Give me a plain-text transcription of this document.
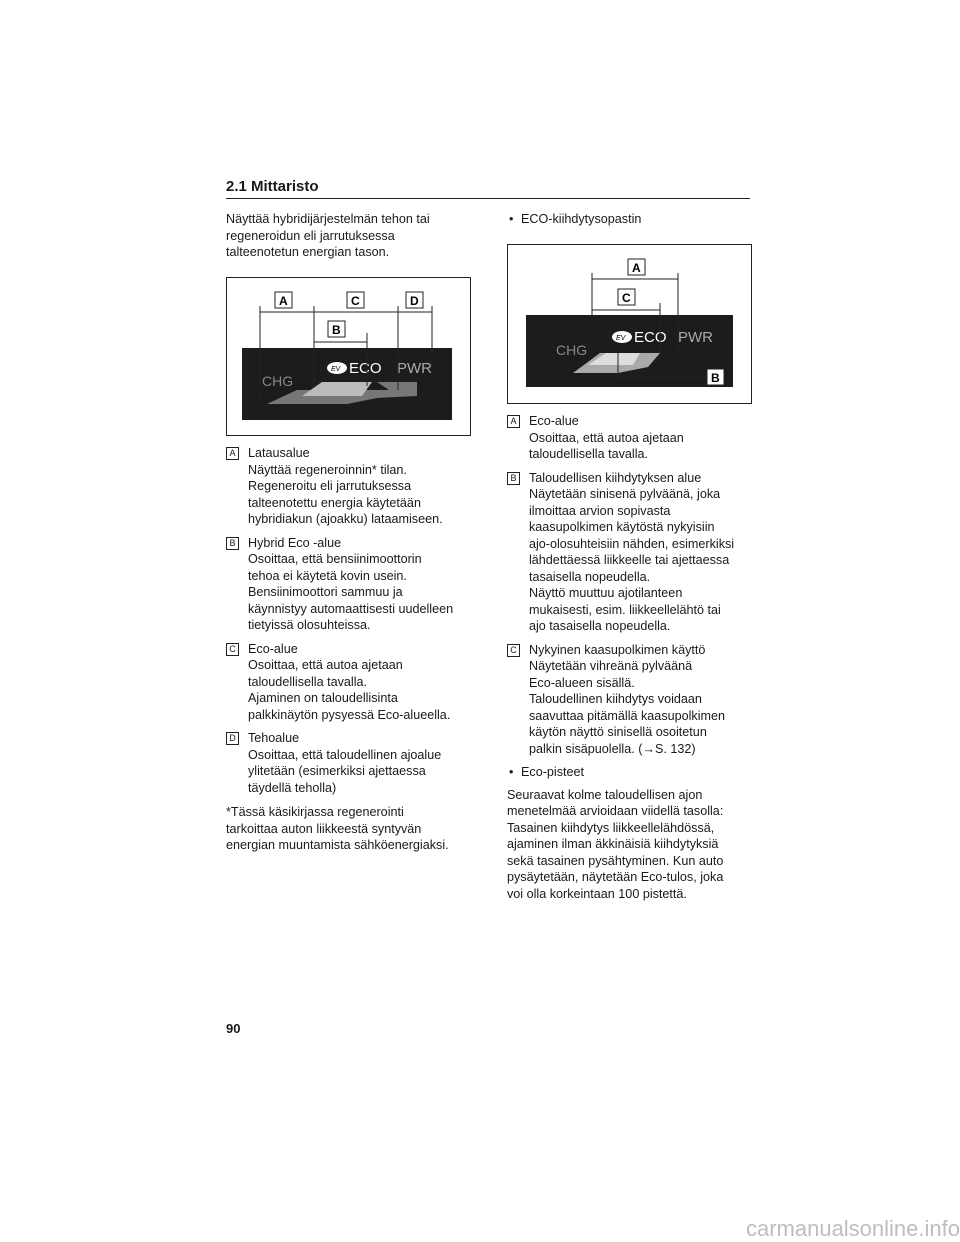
2.1 Mittaristo

Näyttää hybridijärjestelmän tehon tai

regeneroidun eli jarrutuksessa

talteenotetun energian tason.

CHG
EV ECO PWR
A	C	D
B
A Latausalue

Näyttää regeneroinnin* tilan.

Regeneroitu eli jarrutuksessa

talteenotettu energia käytetään

hybridiakun (ajoakku) lataamiseen.

B Hybrid Eco -alue

Osoittaa, että bensiinimoottorin

tehoa ei käytetä kovin usein.

Bensiinimoottori sammuu ja

käynnistyy automaattisesti uudelleen

tietyissä olosuhteissa.

C Eco-alue

Osoittaa, että autoa ajetaan

taloudellisella tavalla.

Ajaminen on taloudellisinta

palkkinäytön pysyessä Eco-alueella.

D Tehoalue

Osoittaa, että taloudellinen ajoalue

ylitetään (esimerkiksi ajettaessa

täydellä teholla)

*Tässä käsikirjassa regenerointi

tarkoittaa auton liikkeestä syntyvän

energian muuntamista sähköenergiaksi.

• ECO-kiihdytysopastin

CHG
EV ECO PWR
A
C
B
A Eco-alue

Osoittaa, että autoa ajetaan

taloudellisella tavalla.

B Taloudellisen kiihdytyksen alue

Näytetään sinisenä pylväänä, joka

ilmoittaa arvion sopivasta

kaasupolkimen käytöstä nykyisiin

ajo-olosuhteisiin nähden, esimerkiksi

lähdettäessä liikkeelle tai ajettaessa

tasaisella nopeudella.

Näyttö muuttuu ajotilanteen

mukaisesti, esim. liikkeellelähtö tai

ajo tasaisella nopeudella.

C Nykyinen kaasupolkimen käyttö

Näytetään vihreänä pylväänä

Eco-alueen sisällä.

Taloudellinen kiihdytys voidaan

saavuttaa pitämällä kaasupolkimen

käytön näyttö sinisellä osoitetun

palkin sisäpuolella. (→S. 132)

• Eco-pisteet

Seuraavat kolme taloudellisen ajon

menetelmää arvioidaan viidellä tasolla:

Tasainen kiihdytys liikkeellelähdössä,

ajaminen ilman äkkinäisiä kiihdytyksiä

sekä tasainen pysähtyminen. Kun auto

pysäytetään, näytetään Eco-tulos, joka

voi olla korkeintaan 100 pistettä.

90
carmanualsonline.info
